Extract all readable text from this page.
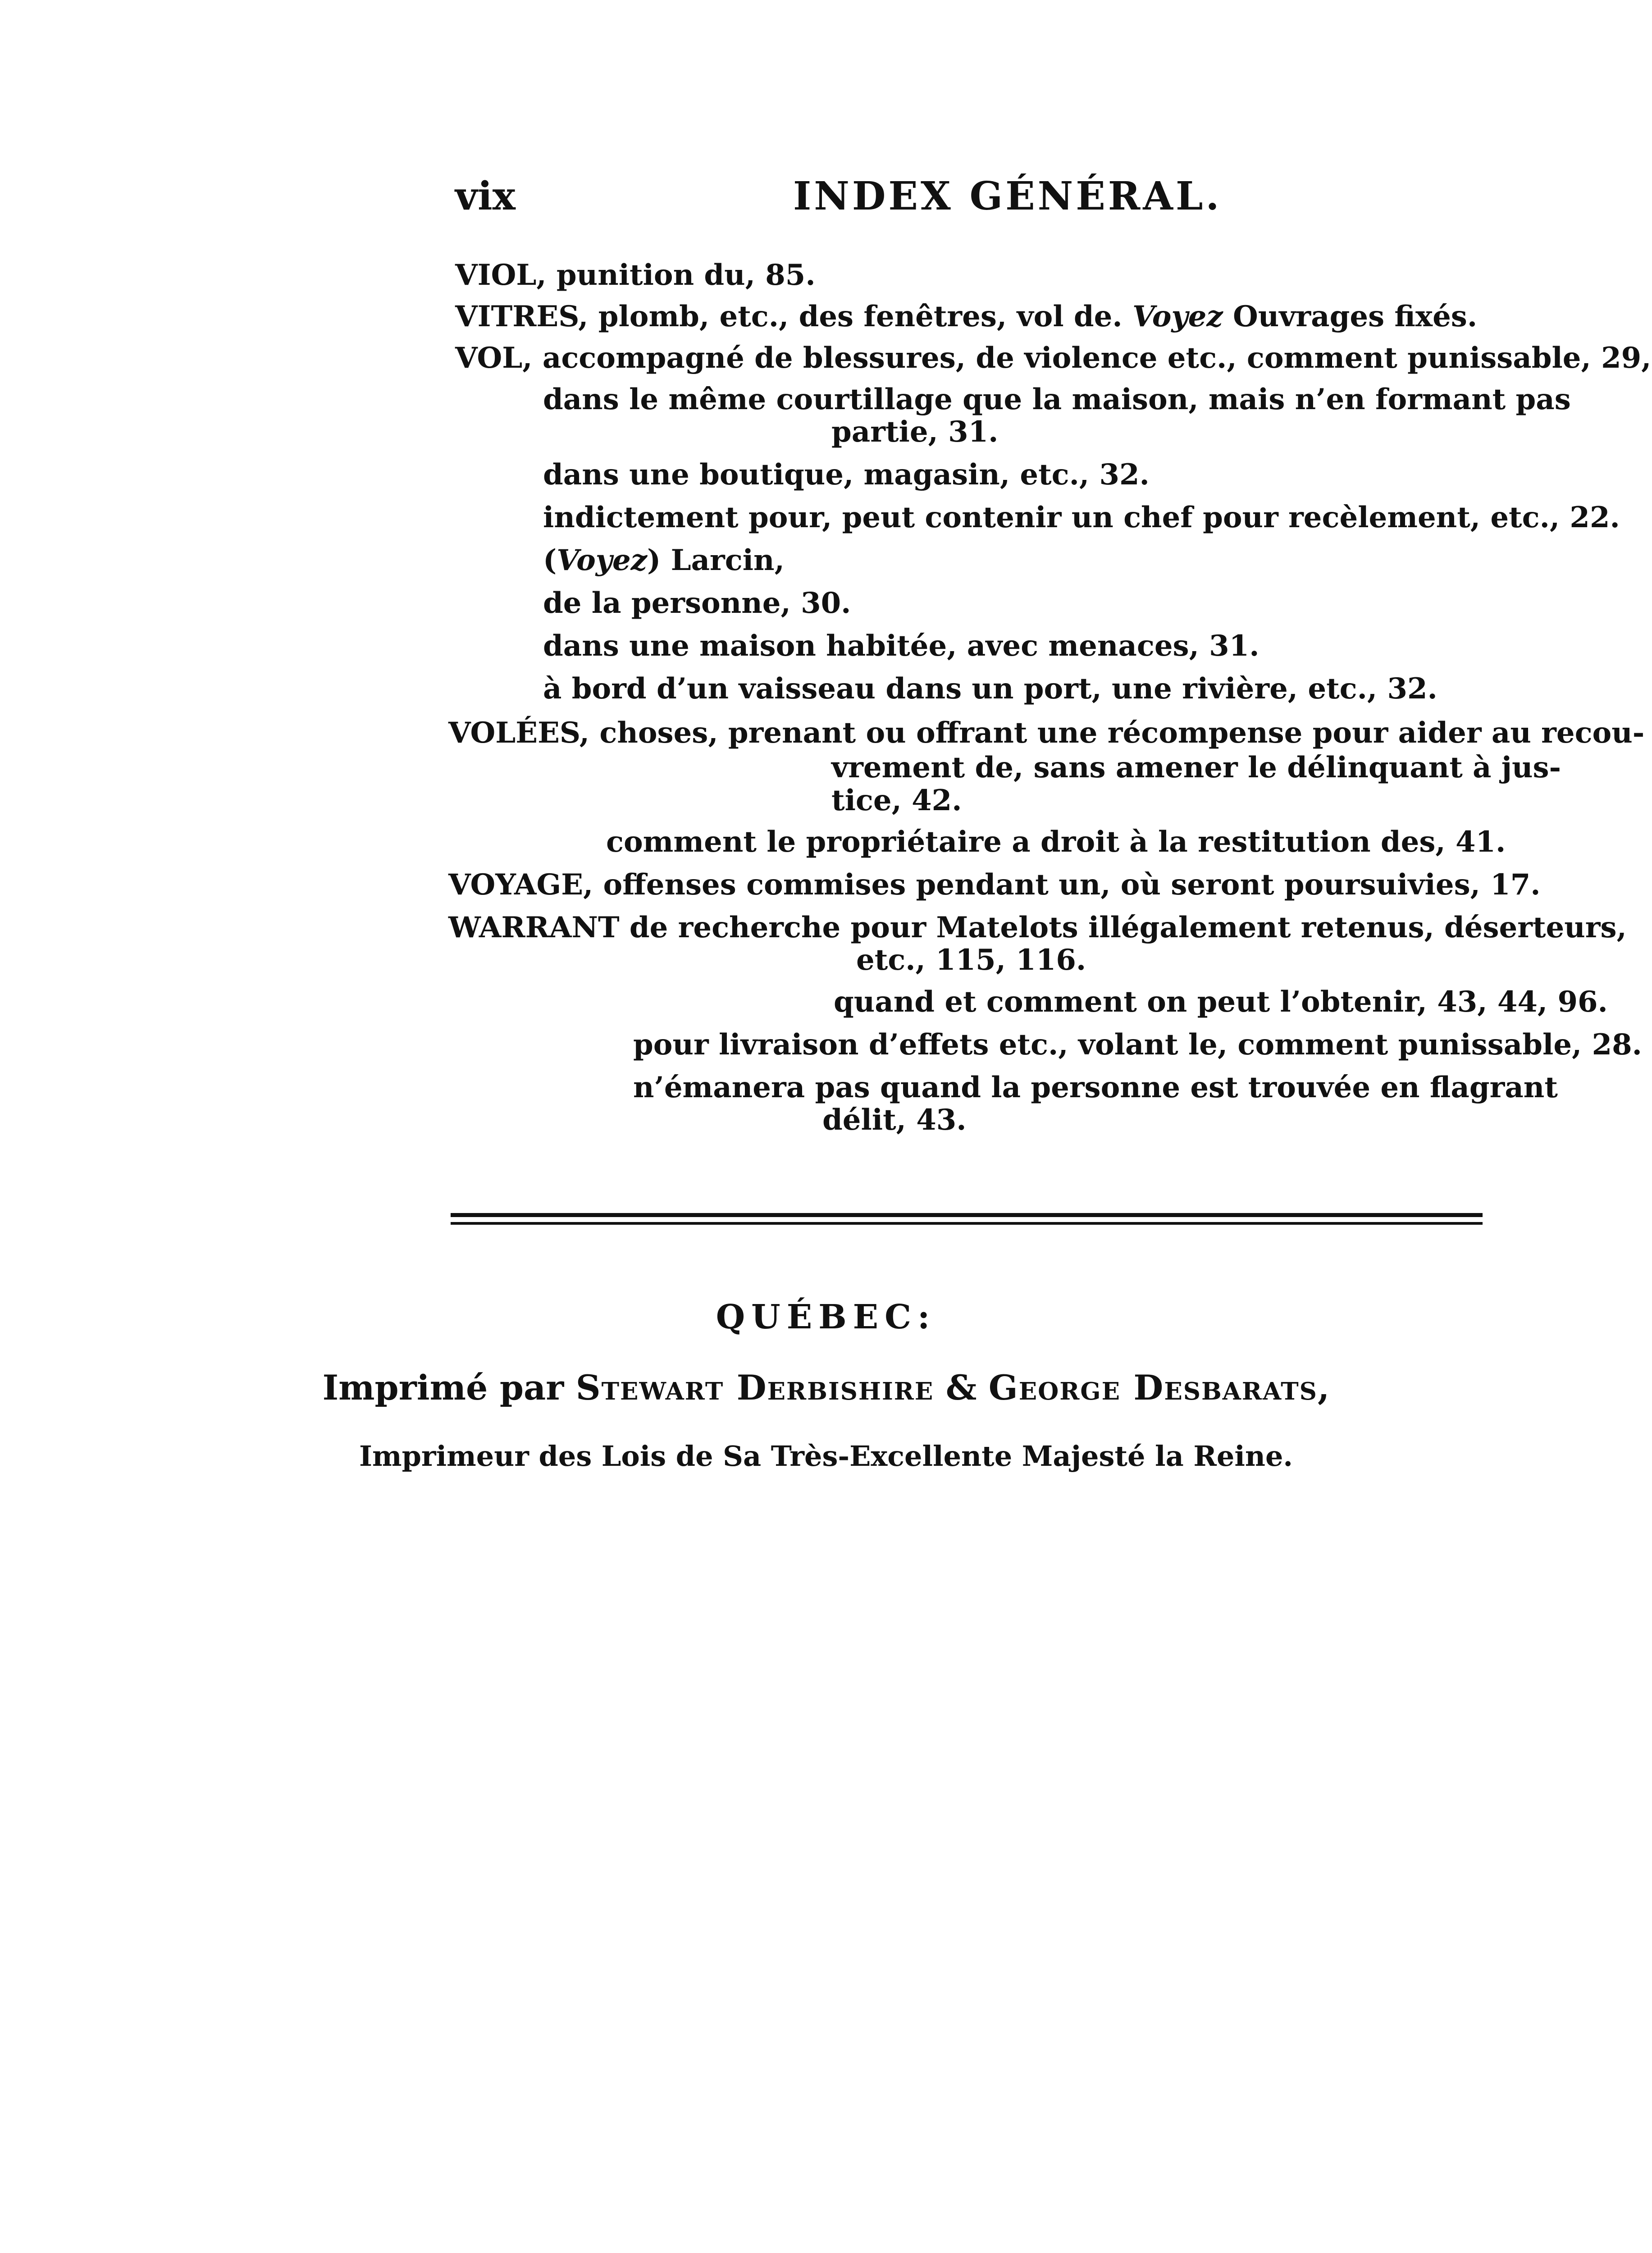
vix	INDEX GÉNÉRAL.
VIOL, punition du, 85.
VITRES, plomb, etc., des fenêtres, vol de. Voyez Ouvrages fixés.
VOL, accompagné de blessures, de violence etc., comment punissable, 29,
dans le même courtillage que la maison, mais n’en formant pas
partie, 31.
dans une boutique, magasin, etc., 32.
indictement pour, peut contenir un chef pour recèlement, etc., 22.
(Voyez) Larcin,
de la personne, 30.
dans une maison habitée, avec menaces, 31.
à bord d’un vaisseau dans un port, une rivière, etc., 32.
VOLÉES, choses, prenant ou offrant une récompense pour aider au recou-
vrement de, sans amener le délinquant à jus-
tice, 42.
comment le propriétaire a droit à la restitution des, 41.
VOYAGE, offenses commises pendant un, où seront poursuivies, 17.
WARRANT de recherche pour Matelots illégalement retenus, déserteurs,
etc., 115, 116.
quand et comment on peut l’obtenir, 43, 44, 96.
pour livraison d’effets etc., volant le, comment punissable, 28.
n’émanera pas quand la personne est trouvée en flagrant
délit, 43.
QUÉBEC:
Imprimé par Stewart Derbishire & George Desbarats,
Imprimeur des Lois de Sa Très-Excellente Majesté la Reine.
